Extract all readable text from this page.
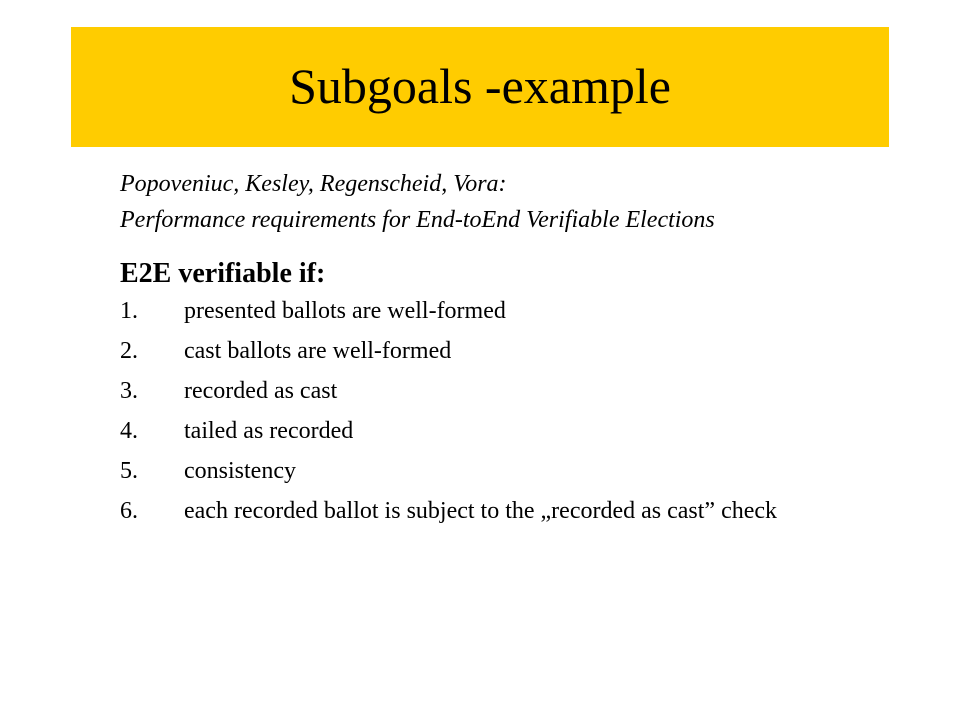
Subgoals -example
Popoveniuc, Kesley, Regenscheid, Vora:
Performance requirements for End-toEnd Verifiable Elections
E2E verifiable if:
1.	presented ballots are well-formed
2.	cast ballots are well-formed
3.	recorded as cast
4.	tailed as recorded
5.	consistency
6.	each recorded ballot is subject to the „recorded as cast” check
